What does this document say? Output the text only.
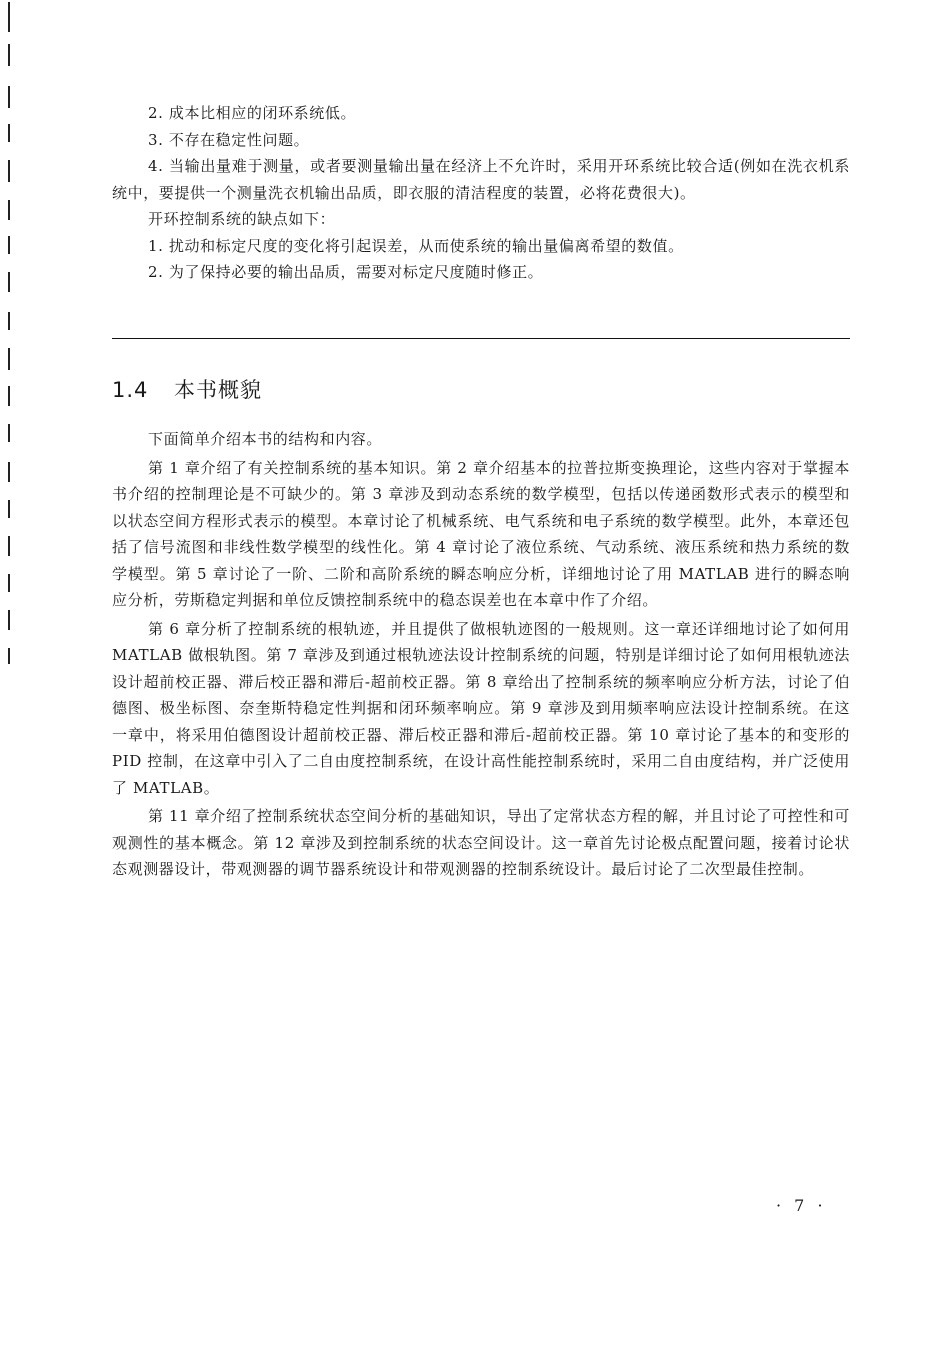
2. 成本比相应的闭环系统低。

3. 不存在稳定性问题。

4. 当输出量难于测量，或者要测量输出量在经济上不允许时，采用开环系统比较合适(例如在洗衣机系统中，要提供一个测量洗衣机输出品质，即衣服的清洁程度的装置，必将花费很大)。

开环控制系统的缺点如下：

1. 扰动和标定尺度的变化将引起误差，从而使系统的输出量偏离希望的数值。

2. 为了保持必要的输出品质，需要对标定尺度随时修正。

1.4 本书概貌

下面简单介绍本书的结构和内容。

第 1 章介绍了有关控制系统的基本知识。第 2 章介绍基本的拉普拉斯变换理论，这些内容对于掌握本书介绍的控制理论是不可缺少的。第 3 章涉及到动态系统的数学模型，包括以传递函数形式表示的模型和以状态空间方程形式表示的模型。本章讨论了机械系统、电气系统和电子系统的数学模型。此外，本章还包括了信号流图和非线性数学模型的线性化。第 4 章讨论了液位系统、气动系统、液压系统和热力系统的数学模型。第 5 章讨论了一阶、二阶和高阶系统的瞬态响应分析，详细地讨论了用 MATLAB 进行的瞬态响应分析，劳斯稳定判据和单位反馈控制系统中的稳态误差也在本章中作了介绍。

第 6 章分析了控制系统的根轨迹，并且提供了做根轨迹图的一般规则。这一章还详细地讨论了如何用 MATLAB 做根轨图。第 7 章涉及到通过根轨迹法设计控制系统的问题，特别是详细讨论了如何用根轨迹法设计超前校正器、滞后校正器和滞后-超前校正器。第 8 章给出了控制系统的频率响应分析方法，讨论了伯德图、极坐标图、奈奎斯特稳定性判据和闭环频率响应。第 9 章涉及到用频率响应法设计控制系统。在这一章中，将采用伯德图设计超前校正器、滞后校正器和滞后-超前校正器。第 10 章讨论了基本的和变形的 PID 控制，在这章中引入了二自由度控制系统，在设计高性能控制系统时，采用二自由度结构，并广泛使用了 MATLAB。

第 11 章介绍了控制系统状态空间分析的基础知识，导出了定常状态方程的解，并且讨论了可控性和可观测性的基本概念。第 12 章涉及到控制系统的状态空间设计。这一章首先讨论极点配置问题，接着讨论状态观测器设计，带观测器的调节器系统设计和带观测器的控制系统设计。最后讨论了二次型最佳控制。

· 7 ·
